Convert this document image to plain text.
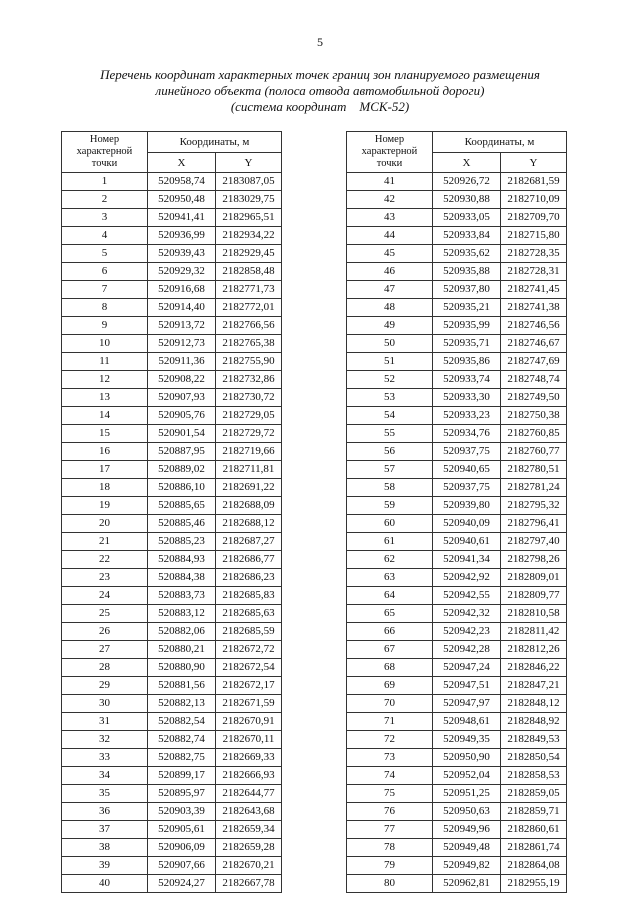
5
Перечень координат характерных точек границ зон планируемого размещения
линейного объекта (полоса отвода автомобильной дороги)
(система координат    МСК-52)
Номер
характерной
точки	Координаты, м	
	X	Y
1	520958,74	2183087,05
2	520950,48	2183029,75
3	520941,41	2182965,51
4	520936,99	2182934,22
5	520939,43	2182929,45
6	520929,32	2182858,48
7	520916,68	2182771,73
8	520914,40	2182772,01
9	520913,72	2182766,56
10	520912,73	2182765,38
11	520911,36	2182755,90
12	520908,22	2182732,86
13	520907,93	2182730,72
14	520905,76	2182729,05
15	520901,54	2182729,72
16	520887,95	2182719,66
17	520889,02	2182711,81
18	520886,10	2182691,22
19	520885,65	2182688,09
20	520885,46	2182688,12
21	520885,23	2182687,27
22	520884,93	2182686,77
23	520884,38	2182686,23
24	520883,73	2182685,83
25	520883,12	2182685,63
26	520882,06	2182685,59
27	520880,21	2182672,72
28	520880,90	2182672,54
29	520881,56	2182672,17
30	520882,13	2182671,59
31	520882,54	2182670,91
32	520882,74	2182670,11
33	520882,75	2182669,33
34	520899,17	2182666,93
35	520895,97	2182644,77
36	520903,39	2182643,68
37	520905,61	2182659,34
38	520906,09	2182659,28
39	520907,66	2182670,21
40	520924,27	2182667,78
Номер
характерной
точки	Координаты, м	
	X	Y
41	520926,72	2182681,59
42	520930,88	2182710,09
43	520933,05	2182709,70
44	520933,84	2182715,80
45	520935,62	2182728,35
46	520935,88	2182728,31
47	520937,80	2182741,45
48	520935,21	2182741,38
49	520935,99	2182746,56
50	520935,71	2182746,67
51	520935,86	2182747,69
52	520933,74	2182748,74
53	520933,30	2182749,50
54	520933,23	2182750,38
55	520934,76	2182760,85
56	520937,75	2182760,77
57	520940,65	2182780,51
58	520937,75	2182781,24
59	520939,80	2182795,32
60	520940,09	2182796,41
61	520940,61	2182797,40
62	520941,34	2182798,26
63	520942,92	2182809,01
64	520942,55	2182809,77
65	520942,32	2182810,58
66	520942,23	2182811,42
67	520942,28	2182812,26
68	520947,24	2182846,22
69	520947,51	2182847,21
70	520947,97	2182848,12
71	520948,61	2182848,92
72	520949,35	2182849,53
73	520950,90	2182850,54
74	520952,04	2182858,53
75	520951,25	2182859,05
76	520950,63	2182859,71
77	520949,96	2182860,61
78	520949,48	2182861,74
79	520949,82	2182864,08
80	520962,81	2182955,19
